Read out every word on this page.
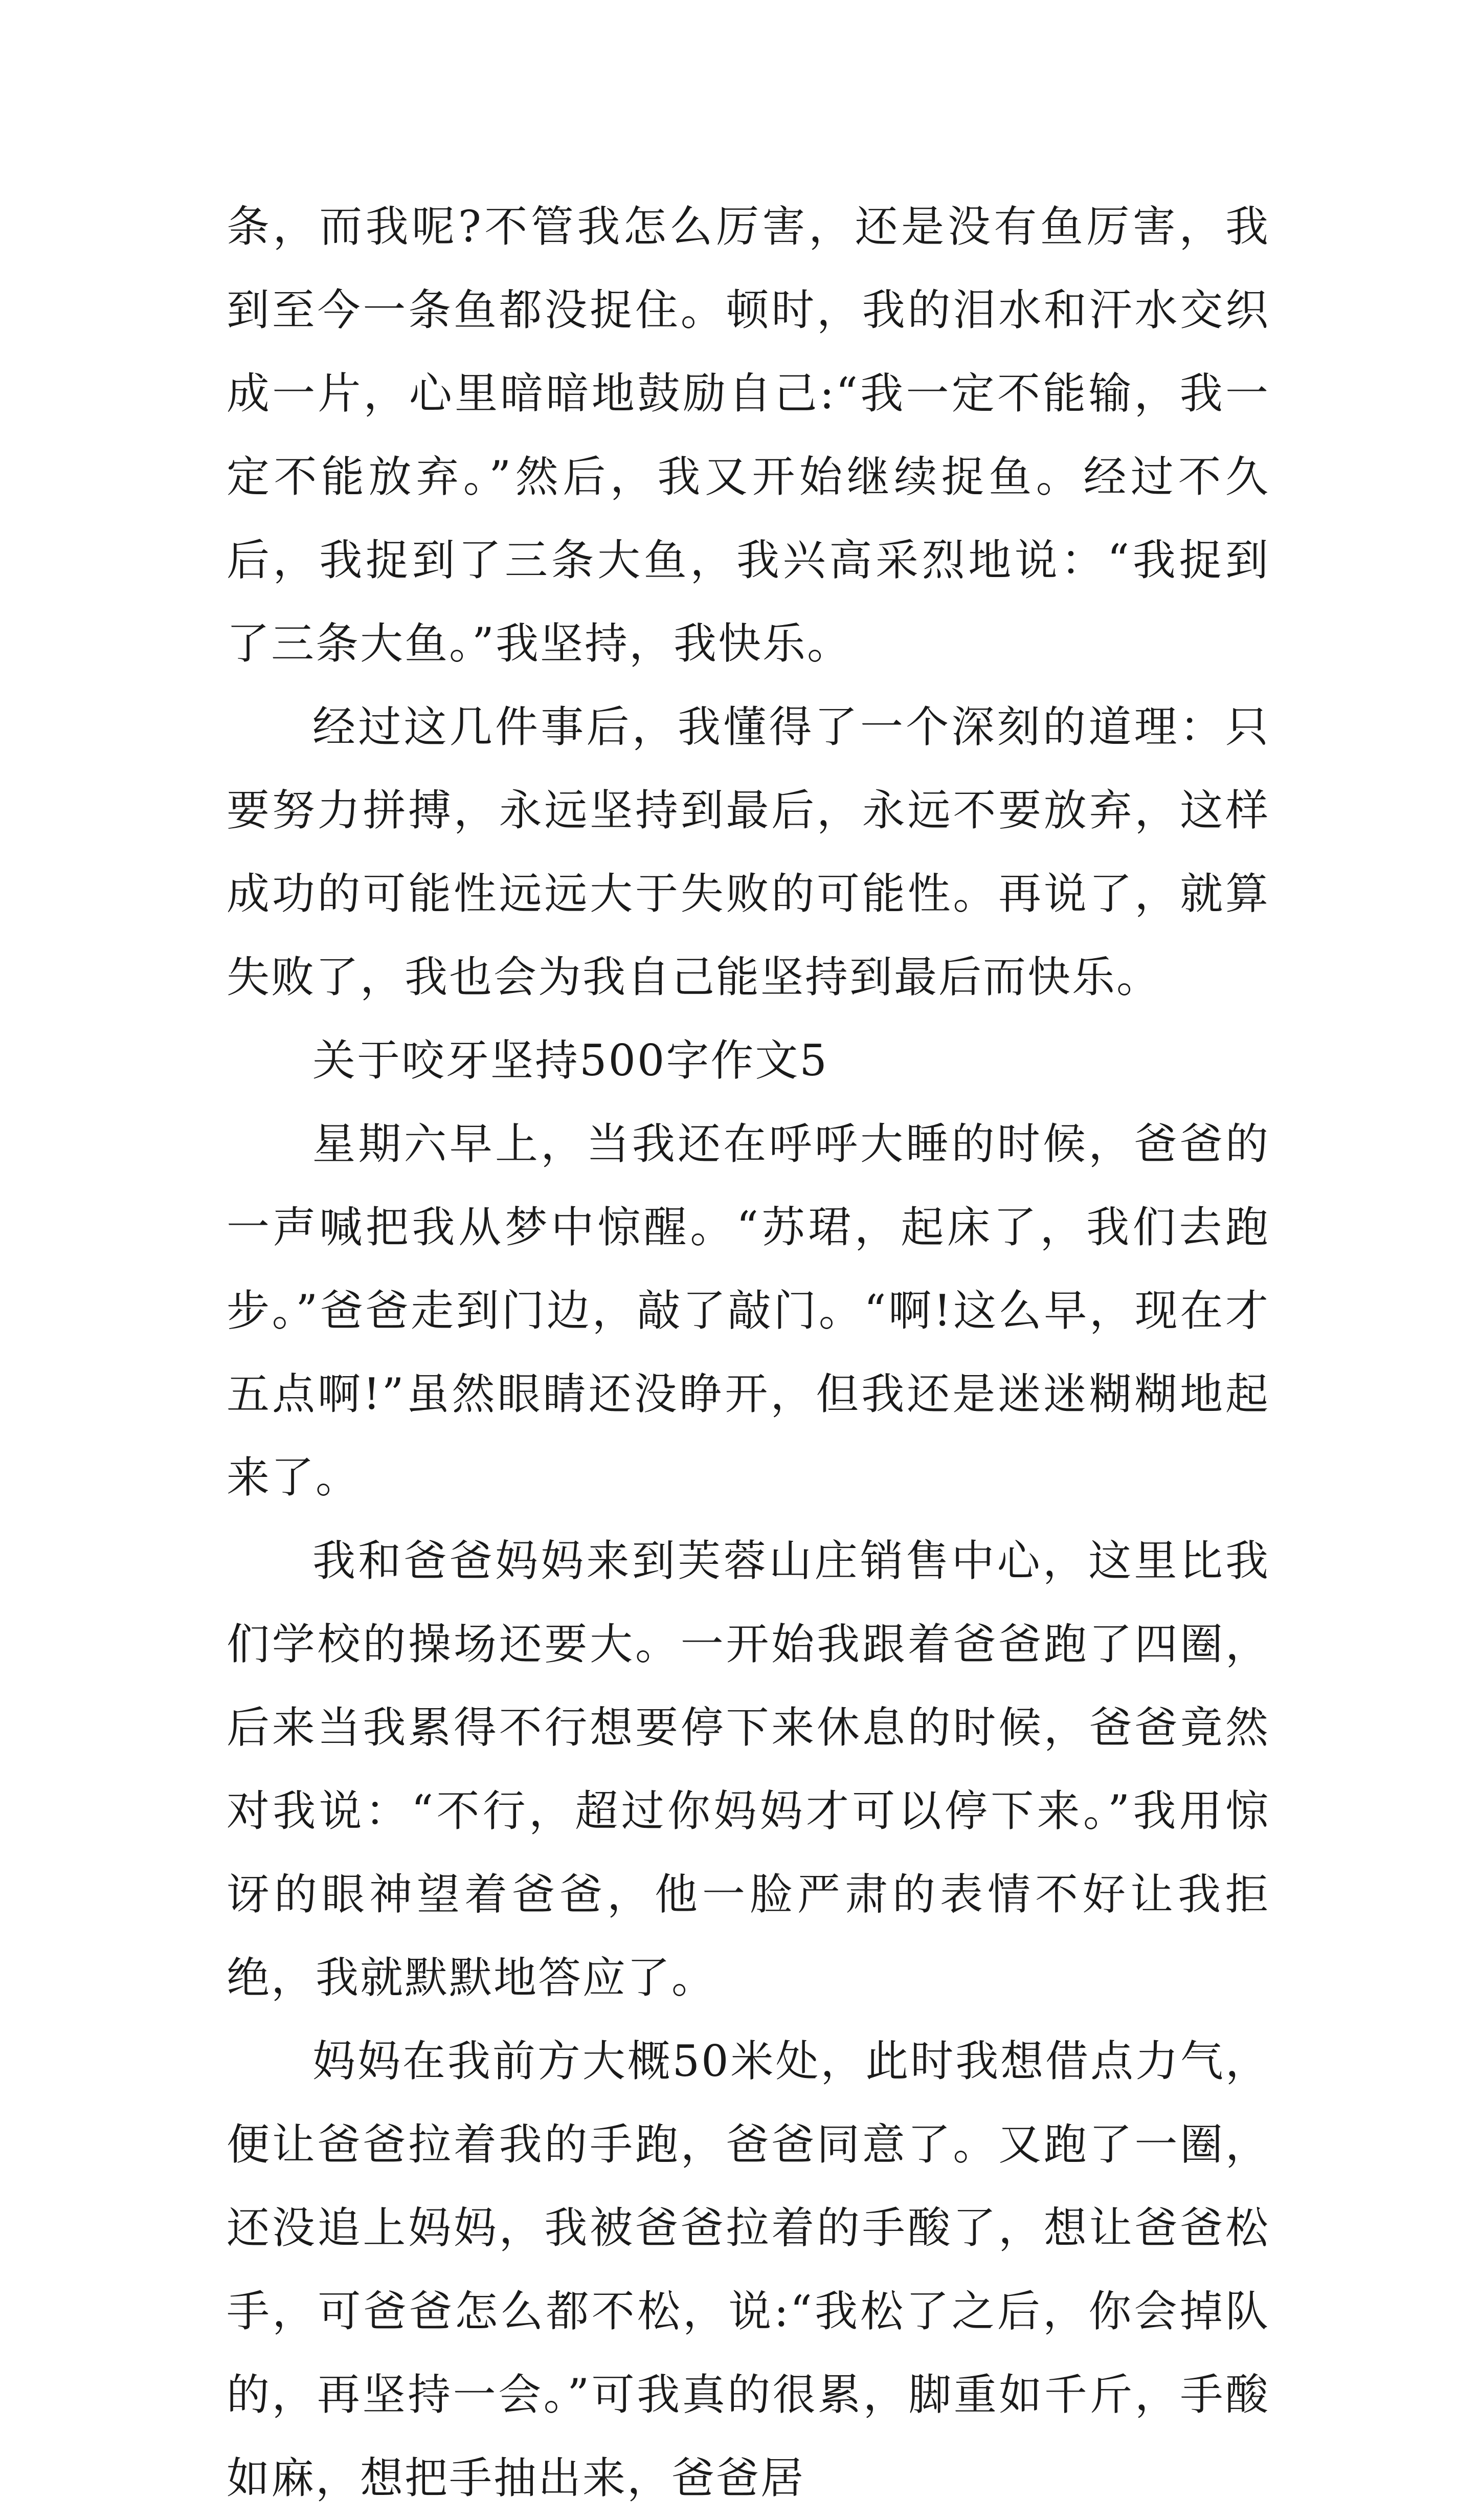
条，而我呢?不管我怎么厉害，还是没有鱼厉害，我到至今一条鱼都没捉住。顿时，我的泪水和汗水交织成一片，心里暗暗地鼓励自己:“我一定不能输，我一定不能放弃。”然后，我又开始继续捉鱼。经过不久后，我捉到了三条大鱼，我兴高采烈地说：“我捉到了三条大鱼。”我坚持，我快乐。

经过这几件事后，我懂得了一个深刻的道理：只要努力拼搏，永远坚持到最后，永远不要放弃，这样成功的可能性远远大于失败的可能性。再说了，就算失败了，我也会为我自己能坚持到最后而快乐。

关于咬牙坚持500字作文5

星期六早上，当我还在呼呼大睡的时候，爸爸的一声喊把我从梦中惊醒。“苏珺，起床了，我们去跑步。”爸爸走到门边，敲了敲门。“啊!这么早，现在才五点啊!”虽然眼睛还没睁开，但我还是迷迷糊糊地起来了。

我和爸爸妈妈来到芙蓉山庄销售中心，这里比我们学校的操场还要大。一开始我跟着爸爸跑了四圈，后来当我累得不行想要停下来休息的时候，爸爸竟然对我说：“不行，超过你妈妈才可以停下来。”我用惊讶的眼神望着爸爸，他一脸严肃的表情不好让我拒绝，我就默默地答应了。

妈妈在我前方大概50米处，此时我想借点力气，便让爸爸拉着我的手跑，爸爸同意了。又跑了一圈，还没追上妈妈，我被爸爸拉着的手酸了，想让爸爸松手，可爸爸怎么都不松，说:“我松了之后，你会掉队的，再坚持一会。”可我真的很累，脚重如千斤，手酸如麻，想把手抽出来，爸爸居
